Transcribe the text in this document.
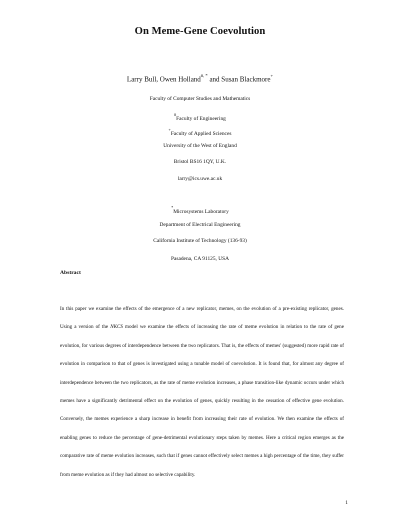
On Meme-Gene Coevolution
Larry Bull, Owen Holland#, * and Susan Blackmore+
Faculty of Computer Studies and Mathematics
#Faculty of Engineering
+Faculty of Applied Sciences
University of the West of England
Bristol BS16 1QY, U.K.
larry@ics.uwe.ac.uk
*Microsystems Laboratory
Department of Electrical Engineering
California Institute of Technology (136-93)
Pasadena, CA 91125, USA
Abstract
In this paper we examine the effects of the emergence of a new replicator, memes, on the evolution of a pre-existing replicator, genes. Using a version of the NKCS model we examine the effects of increasing the rate of meme evolution in relation to the rate of gene evolution, for various degrees of interdependence between the two replicators. That is, the effects of memes' (suggested) more rapid rate of evolution in comparison to that of genes is investigated using a tunable model of coevolution. It is found that, for almost any degree of interdependence between the two replicators, as the rate of meme evolution increases, a phase transition-like dynamic occurs under which memes have a significantly detrimental effect on the evolution of genes, quickly resulting in the cessation of effective gene evolution. Conversely, the memes experience a sharp increase in benefit from increasing their rate of evolution. We then examine the effects of enabling genes to reduce the percentage of gene-detrimental evolutionary steps taken by memes. Here a critical region emerges as the comparative rate of meme evolution increases, such that if genes cannot effectively select memes a high percentage of the time, they suffer from meme evolution as if they had almost no selective capability.
1
